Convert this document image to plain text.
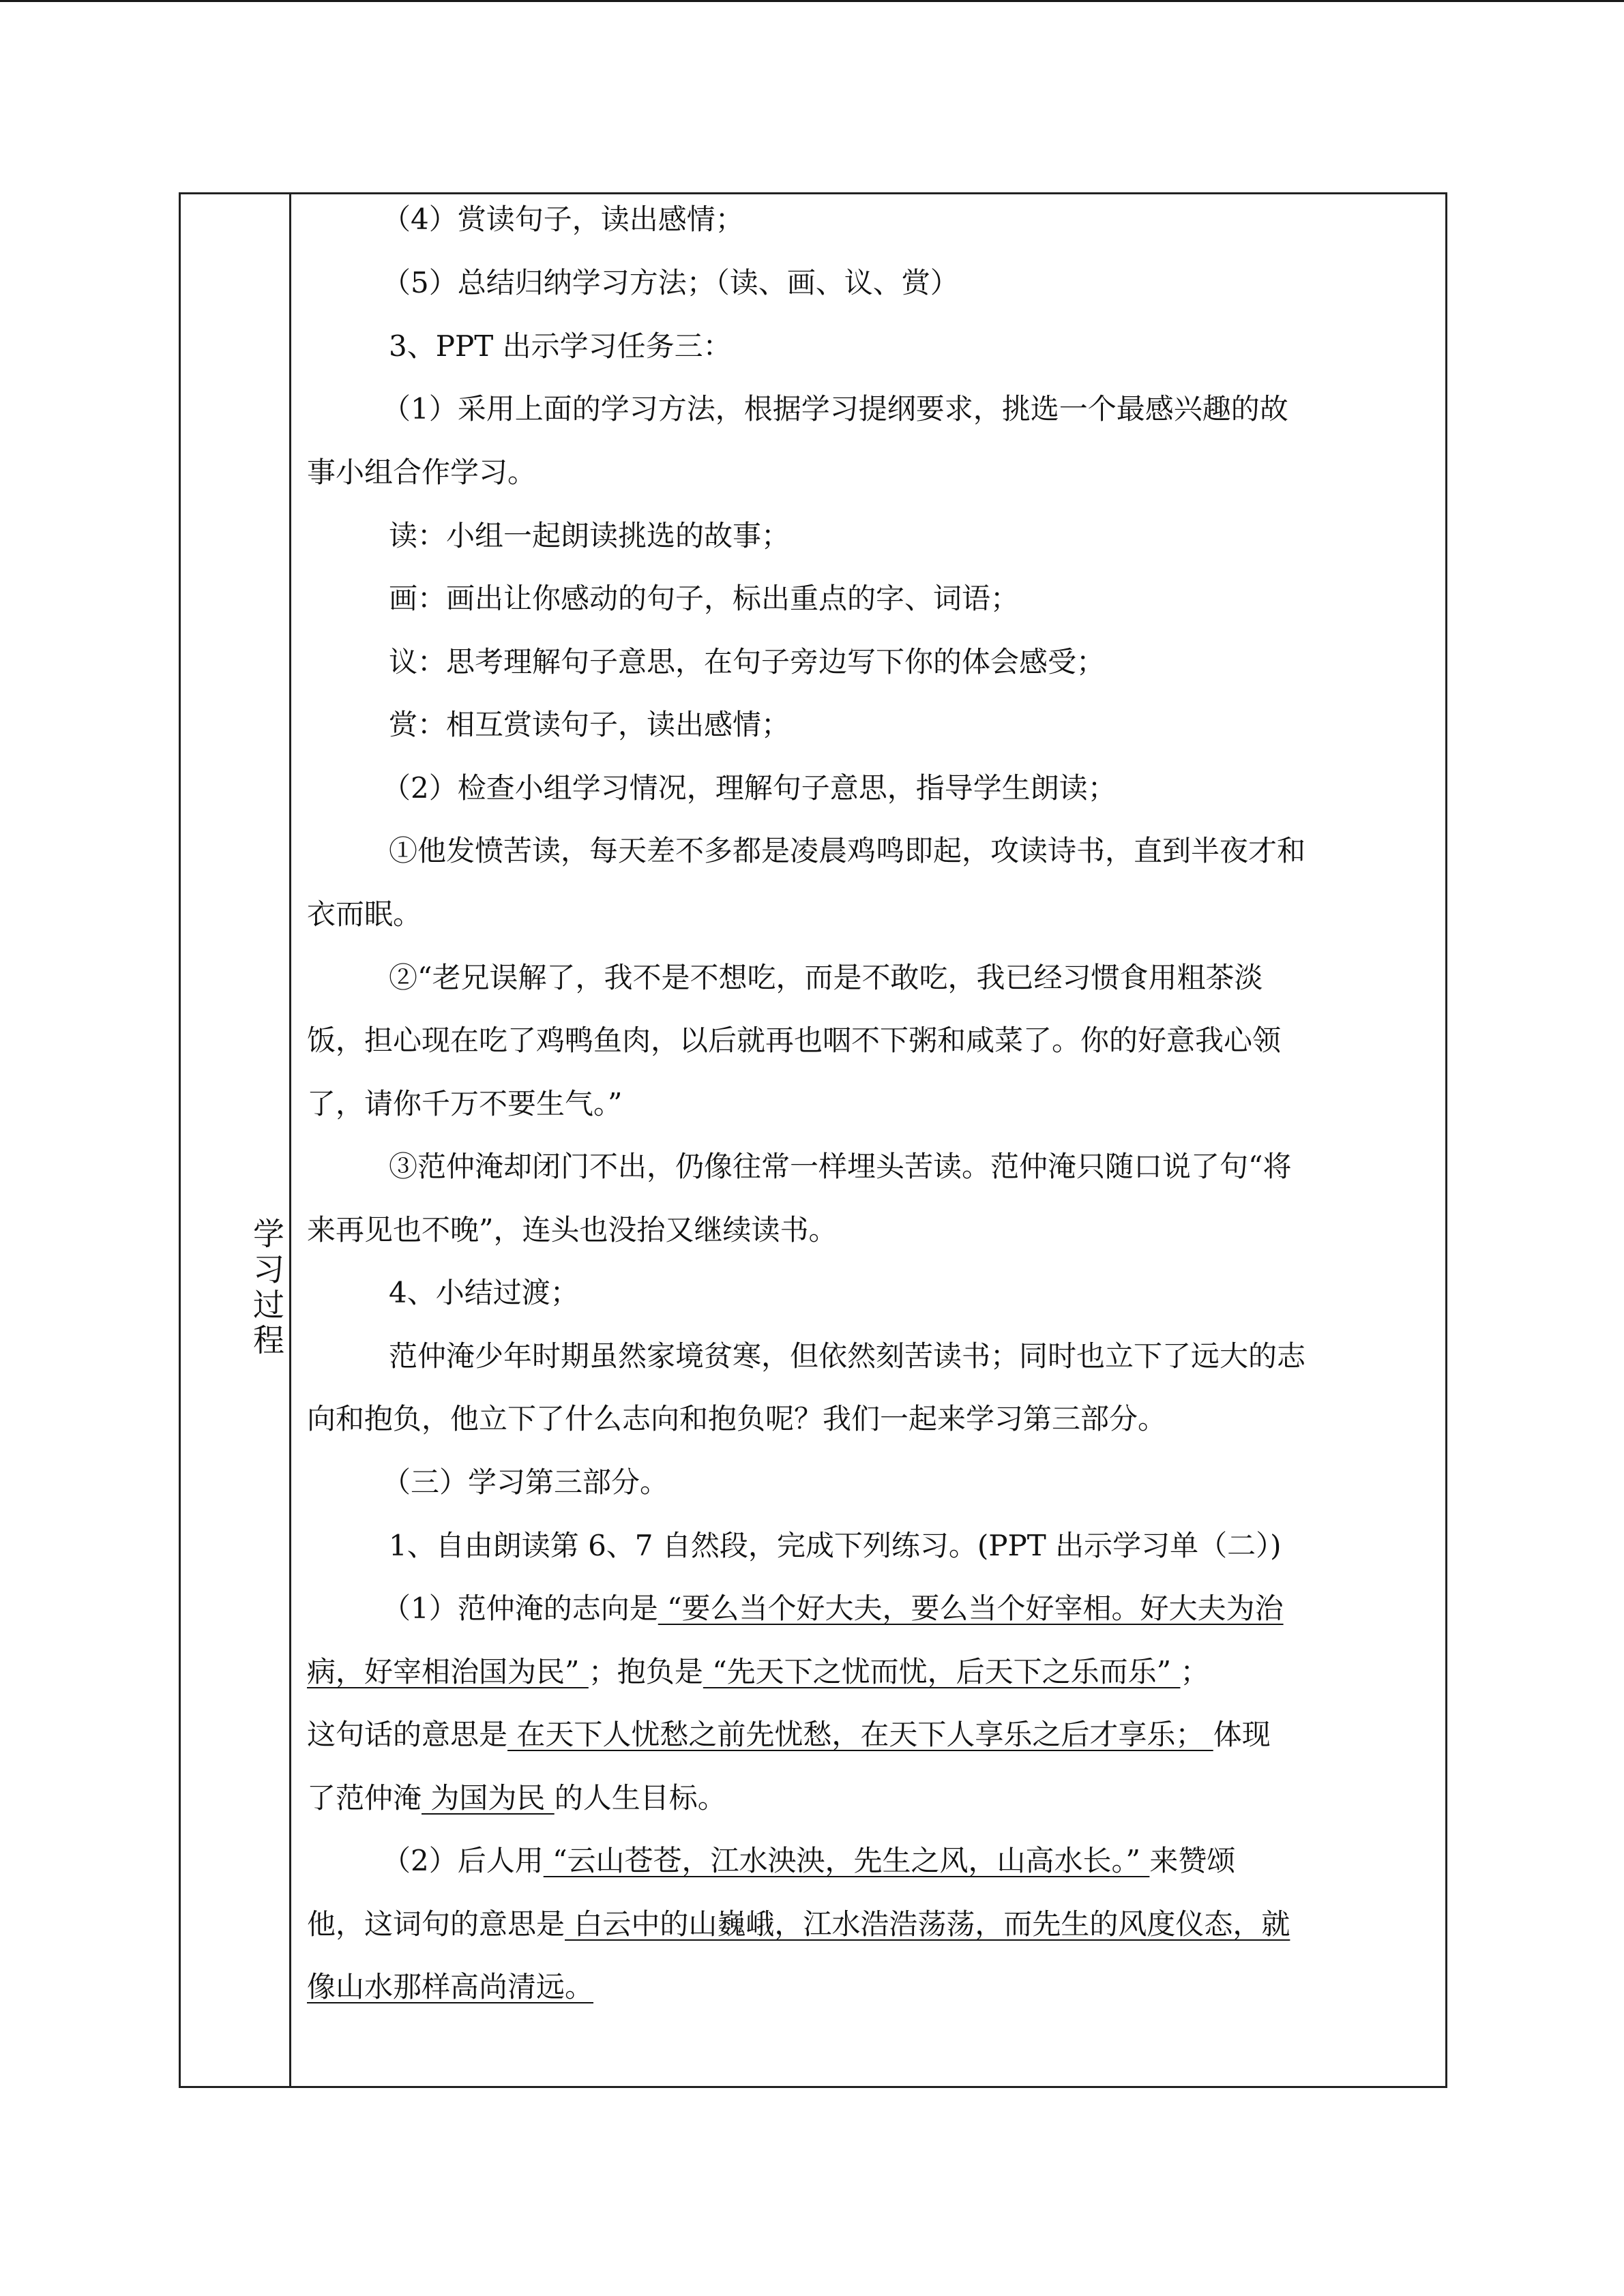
学习过程
（4）赏读句子，读出感情；
（5）总结归纳学习方法；（读、画、议、赏）
3、PPT 出示学习任务三：
（1）采用上面的学习方法，根据学习提纲要求，挑选一个最感兴趣的故
事小组合作学习。
读：小组一起朗读挑选的故事；
画：画出让你感动的句子，标出重点的字、词语；
议：思考理解句子意思，在句子旁边写下你的体会感受；
赏：相互赏读句子，读出感情；
（2）检查小组学习情况，理解句子意思，指导学生朗读；
①他发愤苦读，每天差不多都是凌晨鸡鸣即起，攻读诗书，直到半夜才和
衣而眠。
②“老兄误解了，我不是不想吃，而是不敢吃，我已经习惯食用粗茶淡
饭，担心现在吃了鸡鸭鱼肉，以后就再也咽不下粥和咸菜了。你的好意我心领
了，请你千万不要生气。”
③范仲淹却闭门不出，仍像往常一样埋头苦读。范仲淹只随口说了句“将
来再见也不晚”，连头也没抬又继续读书。
4、小结过渡；
范仲淹少年时期虽然家境贫寒，但依然刻苦读书；同时也立下了远大的志
向和抱负，他立下了什么志向和抱负呢？我们一起来学习第三部分。
（三）学习第三部分。
1、自由朗读第 6、7 自然段，完成下列练习。(PPT 出示学习单（二）)
（1）范仲淹的志向是 “要么当个好大夫，要么当个好宰相。好大夫为治
病，好宰相治国为民” ；抱负是 “先天下之忧而忧，后天下之乐而乐” ；
这句话的意思是 在天下人忧愁之前先忧愁，在天下人享乐之后才享乐； 体现
了范仲淹 为国为民 的人生目标。
（2）后人用 “云山苍苍，江水泱泱，先生之风，山高水长。” 来赞颂
他，这词句的意思是 白云中的山巍峨，江水浩浩荡荡，而先生的风度仪态，就
像山水那样高尚清远。
